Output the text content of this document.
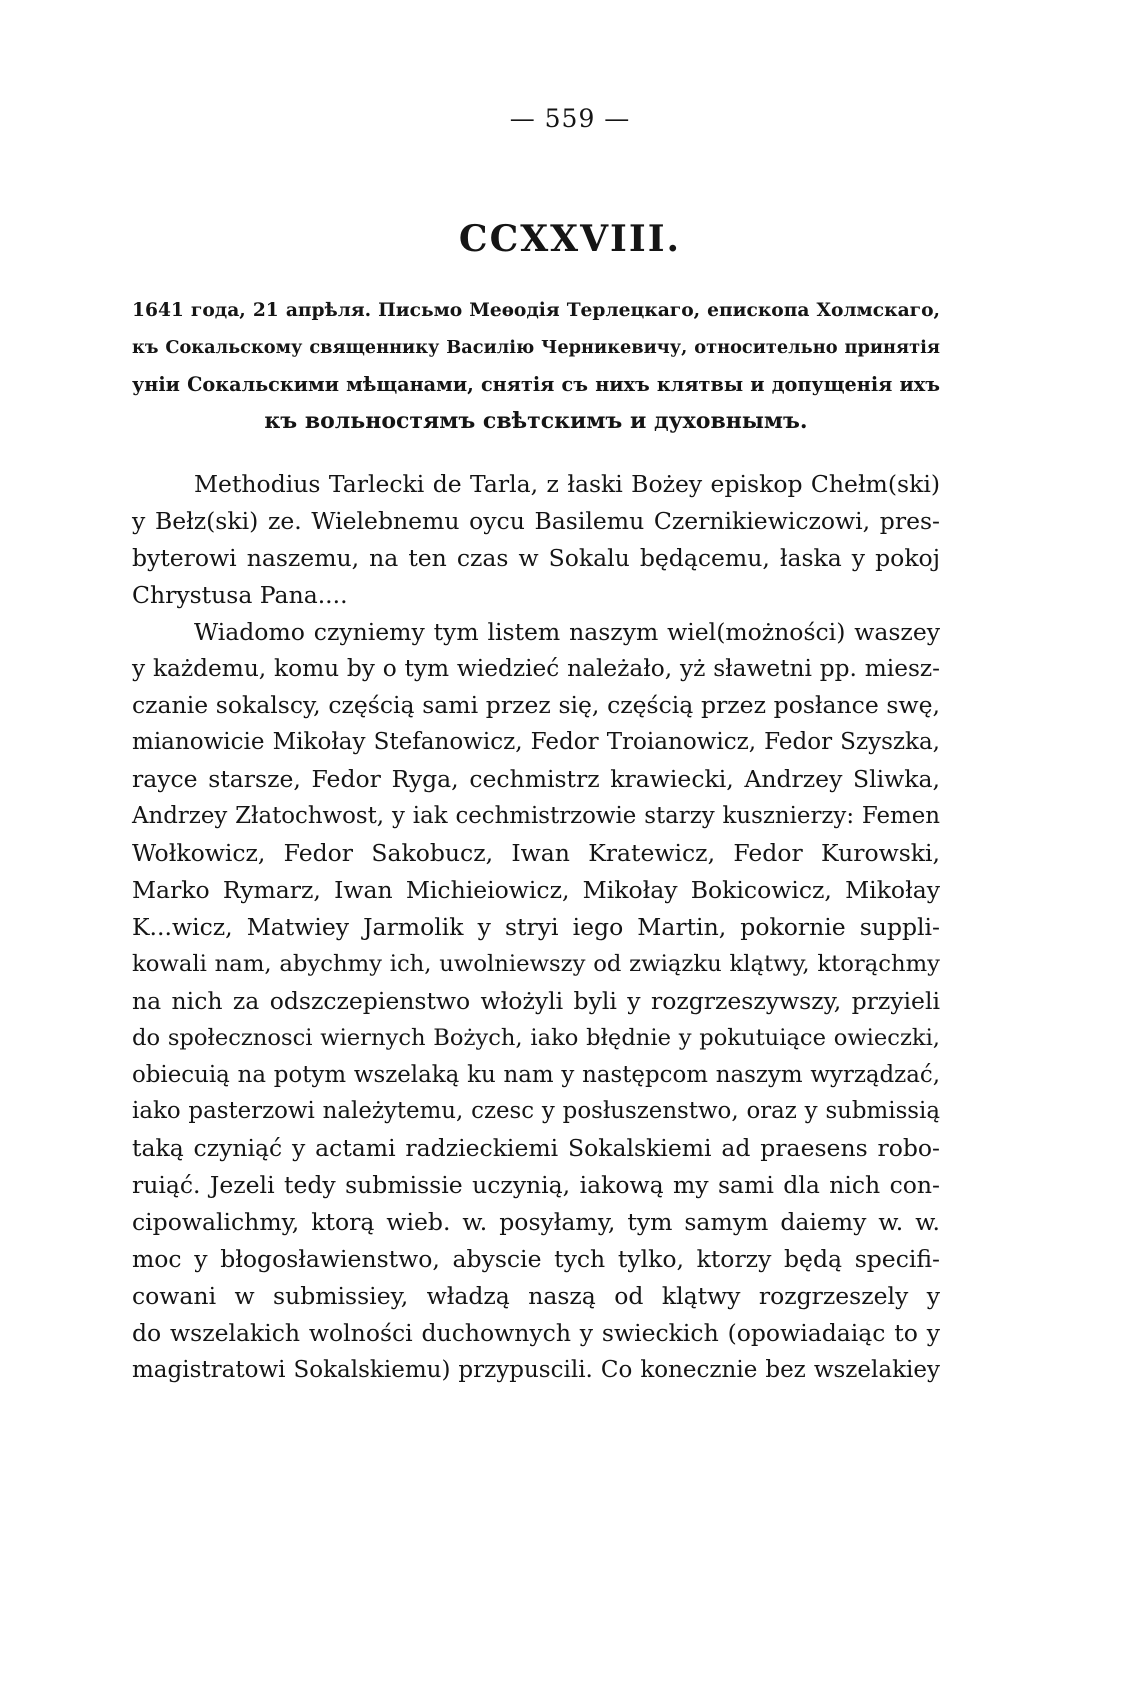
— 559 —
CCXXVIII.
1641 года, 21 апрѣля. Письмо Меѳодія Терлецкаго, епископа Холмскаго,
къ Сокальскому священнику Василію Черникевичу, относительно принятія
уніи Сокальскими мѣщанами, снятія съ нихъ клятвы и допущенія ихъ
къ вольностямъ свѣтскимъ и духовнымъ.
Methodius Tarlecki de Tarla, z łaski Bożey episkop Chełm(ski)
y Bełz(ski) ze. Wielebnemu oycu Basilemu Czernikiewiczowi, pres-
byterowi naszemu, na ten czas w Sokalu będącemu, łaska y pokoj
Chrystusa Pana....
Wiadomo czyniemy tym listem naszym wiel(możności) waszey
y każdemu, komu by o tym wiedzieć należało, yż sławetni pp. miesz-
czanie sokalscy, częścią sami przez się, częścią przez posłance swę,
mianowicie Mikołay Stefanowicz, Fedor Troianowicz, Fedor Szyszka,
rayce starsze, Fedor Ryga, cechmistrz krawiecki, Andrzey Sliwka,
Andrzey Złatochwost, y iak cechmistrzowie starzy kusznierzy: Femen
Wołkowicz, Fedor Sakobucz, Iwan Kratewicz, Fedor Kurowski,
Marko Rymarz, Iwan Michieiowicz, Mikołay Bokicowicz, Mikołay
K...wicz, Matwiey Jarmolik y stryi iego Martin, pokornie suppli-
kowali nam, abychmy ich, uwolniewszy od związku klątwy, ktorąchmy
na nich za odszczepienstwo włożyli byli y rozgrzeszywszy, przyieli
do społecznosci wiernych Bożych, iako błędnie y pokutuiące owieczki,
obiecuią na potym wszelaką ku nam y następcom naszym wyrządzać,
iako pasterzowi należytemu, czesc y posłuszenstwo, oraz y submissią
taką czyniąć y actami radzieckiemi Sokalskiemi ad praesens robo-
ruiąć. Jezeli tedy submissie uczynią, iakową my sami dla nich con-
cipowalichmy, ktorą wieb. w. posyłamy, tym samym daiemy w. w.
moc y błogosławienstwo, abyscie tych tylko, ktorzy będą specifi-
cowani w submissiey, władzą naszą od klątwy rozgrzeszely y
do wszelakich wolności duchownych y swieckich (opowiadaiąc to y
magistratowi Sokalskiemu) przypuscili. Co konecznie bez wszelakiey
